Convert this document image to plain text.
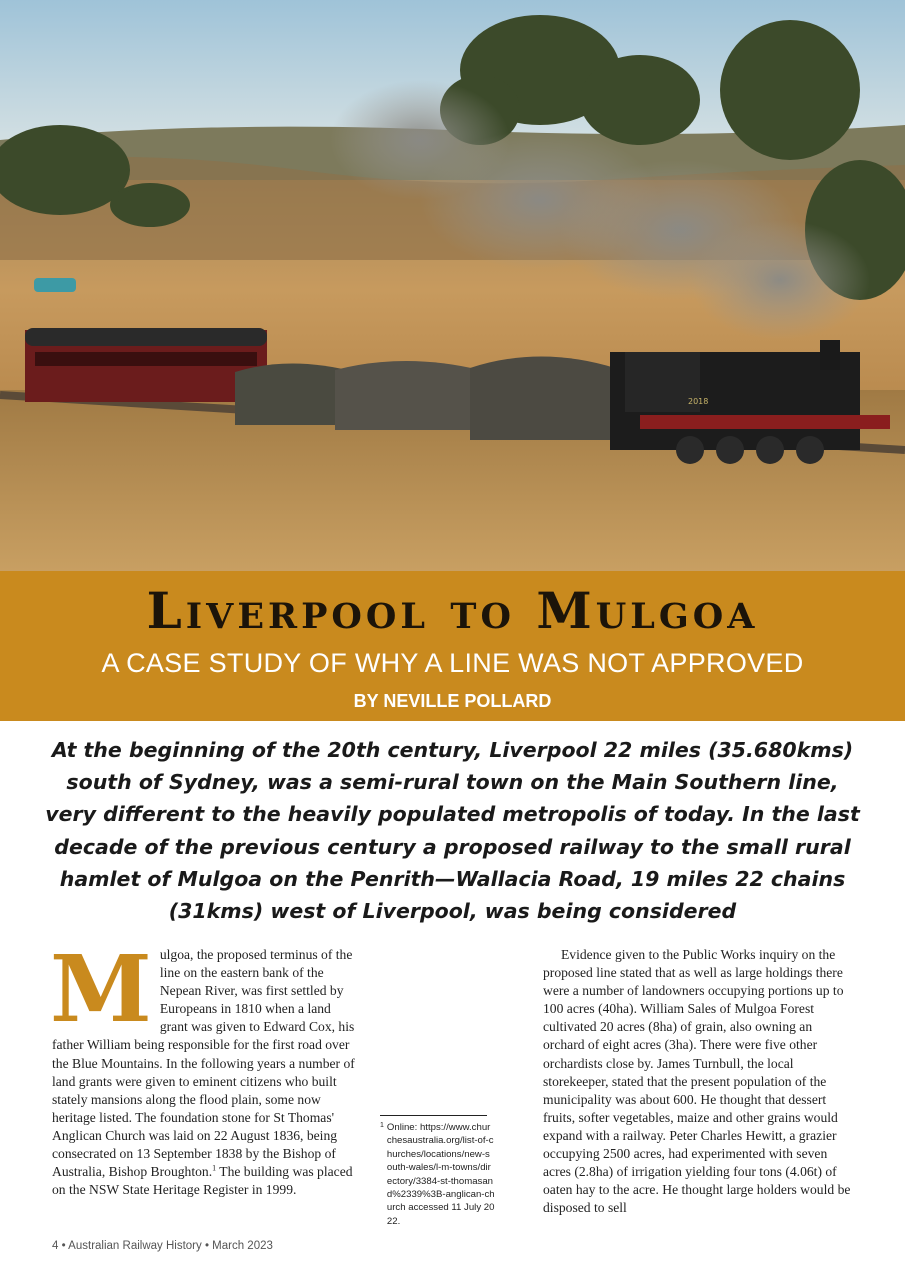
2018
Liverpool to Mulgoa
A CASE STUDY OF WHY A LINE WAS NOT APPROVED
BY NEVILLE POLLARD
At the beginning of the 20th century, Liverpool 22 miles (35.680kms) south of Sydney, was a semi-rural town on the Main Southern line, very different to the heavily populated metropolis of today. In the last decade of the previous century a proposed railway to the small rural hamlet of Mulgoa on the Penrith—Wallacia Road, 19 miles 22 chains (31kms) west of Liverpool, was being considered
M ulgoa, the proposed terminus of the line on the eastern bank of the Nepean River, was first settled by Europeans in 1810 when a land grant was given to Edward Cox, his father William being responsible for the first road over the Blue Mountains. In the following years a number of land grants were given to eminent citizens who built stately mansions along the flood plain, some now heritage listed. The foundation stone for St Thomas' Anglican Church was laid on 22 August 1836, being consecrated on 13 September 1838 by the Bishop of Australia, Bishop Broughton.$^1$ The building was placed on the NSW State Heritage Register in 1999.

1 Online: https://www.churchesaustralia.org/list-of-churches/locations/new-south-wales/l-m-towns/directory/3384-st-thomasand%2339%3B-anglican-church accessed 11 July 2022.

Evidence given to the Public Works inquiry on the proposed line stated that as well as large holdings there were a number of landowners occupying portions up to 100 acres (40ha). William Sales of Mulgoa Forest cultivated 20 acres (8ha) of grain, also owning an orchard of eight acres (3ha). There were five other orchardists close by. James Turnbull, the local storekeeper, stated that the present population of the municipality was about 600. He thought that dessert fruits, softer vegetables, maize and other grains would expand with a railway. Peter Charles Hewitt, a grazier occupying 2500 acres, had experimented with seven acres (2.8ha) of irrigation yielding four tons (4.06t) of oaten hay to the acre. He thought large holders would be disposed to sell

4 • Australian Railway History • March 2023
